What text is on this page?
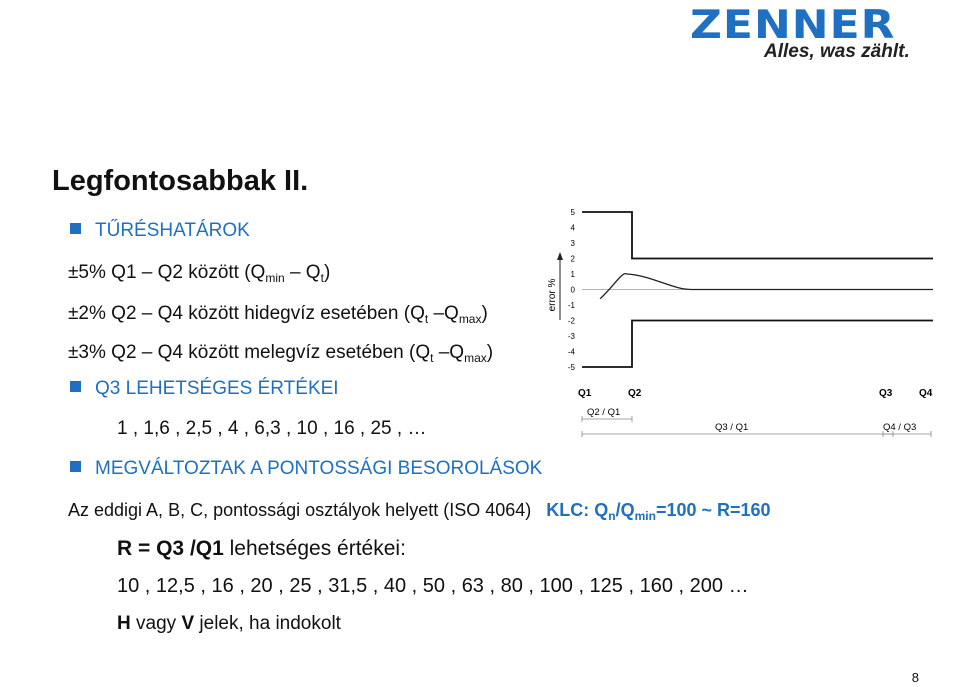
ZENNER
Alles, was zählt.
Legfontosabbak II.
TŰRÉSHATÁROK
±5% Q1 – Q2 között $(Q_{min} - Q_t)$
±2% Q2 – Q4 között hidegvíz esetében ($Q_t$ $-Q_{max}$)
±3% Q2 – Q4 között melegvíz esetében ($Q_t$ $-Q_{max}$)
Q3 LEHETSÉGES ÉRTÉKEI
1 , 1,6 , 2,5 , 4 , 6,3 , 10 , 16 , 25 , …
MEGVÁLTOZTAK A PONTOSSÁGI BESOROLÁSOK
Az eddigi A, B, C, pontossági osztályok helyett (ISO 4064) KLC: $Q_n/Q_{min}=100$ ~ R=160
R = Q3 /Q1 lehetséges értékei:
10 , 12,5 , 16 , 20 , 25 , 31,5 , 40 , 50 , 63 , 80 , 100 , 125 , 160 , 200 …
H vagy V jelek, ha indokolt
error %
5
4
3
2
1
0
-1
-2
-3
-4
-5
Q1	Q2	Q3	Q4
Q2 / Q1
Q3 / Q1	Q4 / Q3
8
